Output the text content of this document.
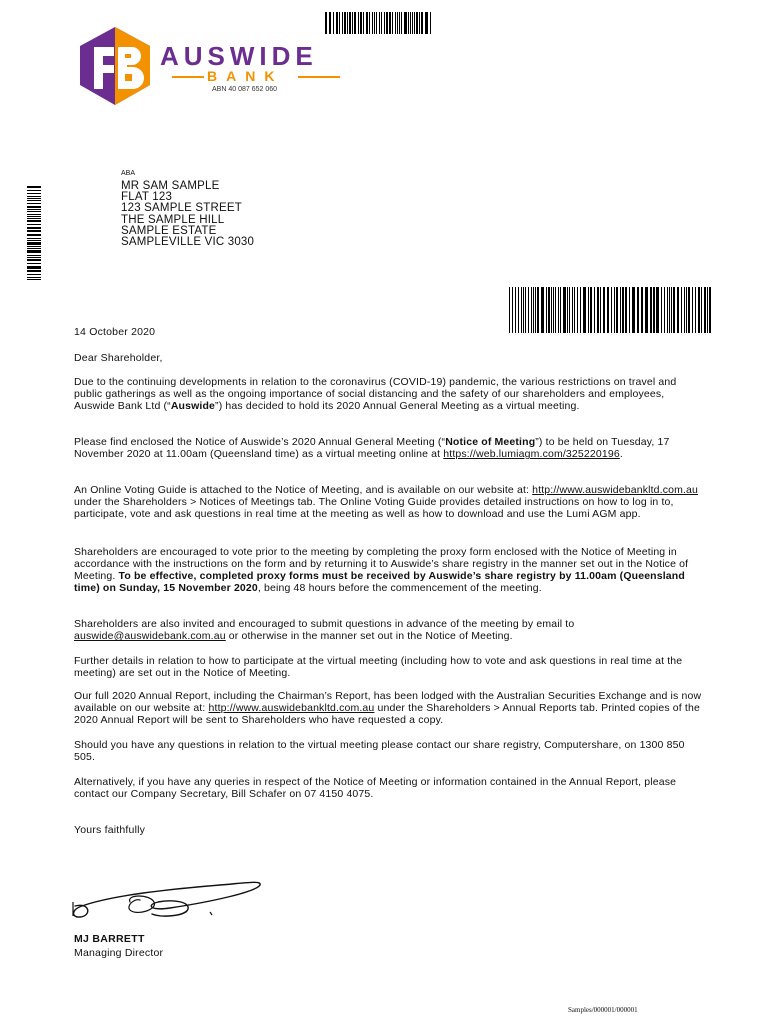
AUSWIDE
BANK
ABN 40 087 652 060
ABA
MR SAM SAMPLE
FLAT 123
123 SAMPLE STREET
THE SAMPLE HILL
SAMPLE ESTATE
SAMPLEVILLE VIC 3030
14 October 2020
Dear Shareholder,

Due to the continuing developments in relation to the coronavirus (COVID-19) pandemic, the various restrictions on travel and public gatherings as well as the ongoing importance of social distancing and the safety of our shareholders and employees, Auswide Bank Ltd (“Auswide”) has decided to hold its 2020 Annual General Meeting as a virtual meeting.

Please find enclosed the Notice of Auswide’s 2020 Annual General Meeting (“Notice of Meeting”) to be held on Tuesday, 17 November 2020 at 11.00am (Queensland time) as a virtual meeting online at https://web.lumiagm.com/325220196.

An Online Voting Guide is attached to the Notice of Meeting, and is available on our website at: http://www.auswidebankltd.com.au under the Shareholders > Notices of Meetings tab. The Online Voting Guide provides detailed instructions on how to log in to, participate, vote and ask questions in real time at the meeting as well as how to download and use the Lumi AGM app.

Shareholders are encouraged to vote prior to the meeting by completing the proxy form enclosed with the Notice of Meeting in accordance with the instructions on the form and by returning it to Auswide’s share registry in the manner set out in the Notice of Meeting. To be effective, completed proxy forms must be received by Auswide’s share registry by 11.00am (Queensland time) on Sunday, 15 November 2020, being 48 hours before the commencement of the meeting.

Shareholders are also invited and encouraged to submit questions in advance of the meeting by email to auswide@auswidebank.com.au or otherwise in the manner set out in the Notice of Meeting.

Further details in relation to how to participate at the virtual meeting (including how to vote and ask questions in real time at the meeting) are set out in the Notice of Meeting.

Our full 2020 Annual Report, including the Chairman’s Report, has been lodged with the Australian Securities Exchange and is now available on our website at: http://www.auswidebankltd.com.au under the Shareholders > Annual Reports tab. Printed copies of the 2020 Annual Report will be sent to Shareholders who have requested a copy.

Should you have any questions in relation to the virtual meeting please contact our share registry, Computershare, on 1300 850 505.

Alternatively, if you have any queries in respect of the Notice of Meeting or information contained in the Annual Report, please contact our Company Secretary, Bill Schafer on 07 4150 4075.

Yours faithfully
MJ BARRETT
Managing Director
Samples/000001/000001
